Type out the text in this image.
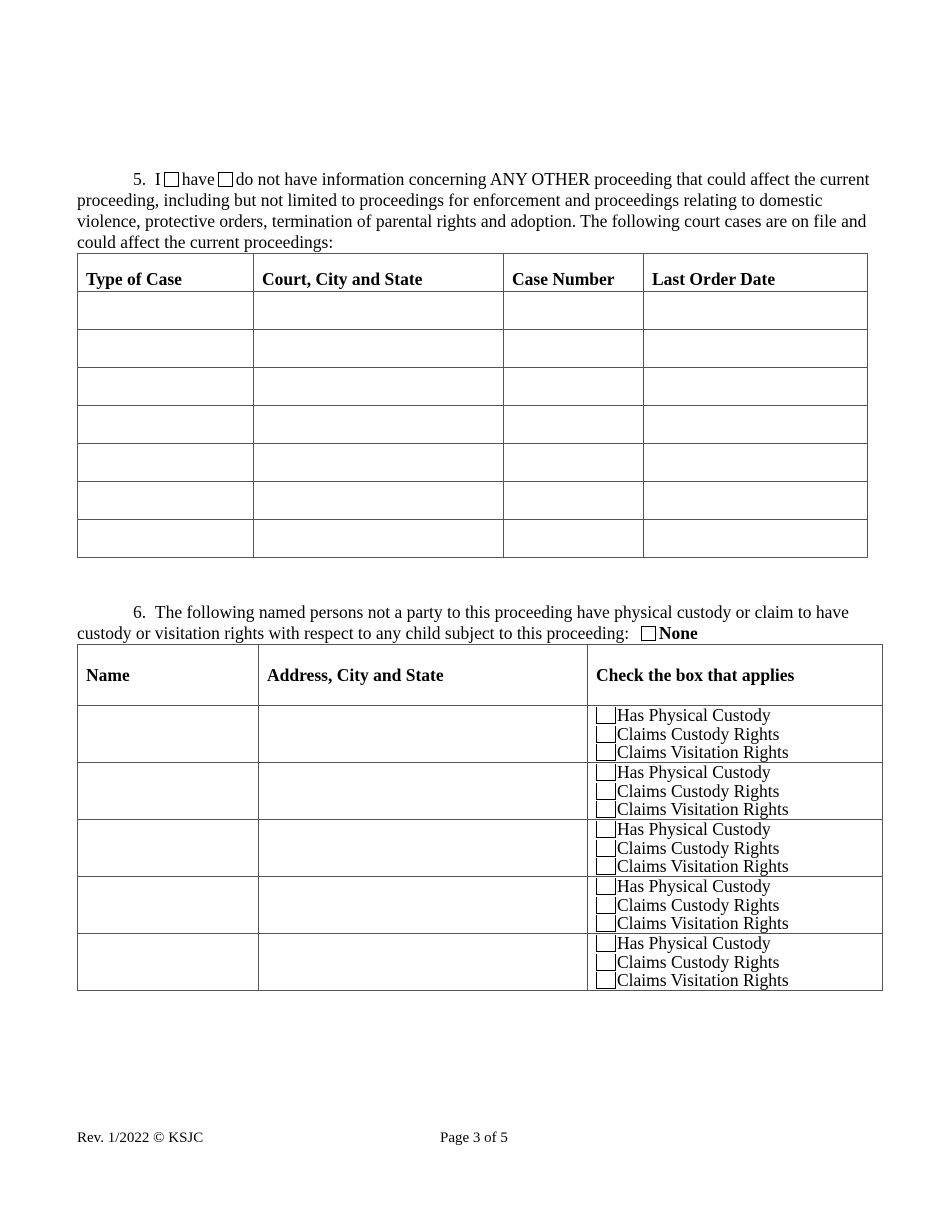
5. I have do not have information concerning ANY OTHER proceeding that could affect the current proceeding, including but not limited to proceedings for enforcement and proceedings relating to domestic violence, protective orders, termination of parental rights and adoption. The following court cases are on file and could affect the current proceedings:
Type of Case	Court, City and State	Case Number	Last Order Date

6. The following named persons not a party to this proceeding have physical custody or claim to have custody or visitation rights with respect to any child subject to this proceeding: None
Name	Address, City and State	Check the box that applies

		Has Physical Custody
Claims Custody Rights
Claims Visitation Rights

		Has Physical Custody
Claims Custody Rights
Claims Visitation Rights

		Has Physical Custody
Claims Custody Rights
Claims Visitation Rights

		Has Physical Custody
Claims Custody Rights
Claims Visitation Rights

		Has Physical Custody
Claims Custody Rights
Claims Visitation Rights
Rev. 1/2022 © KSJC	Page 3 of 5
